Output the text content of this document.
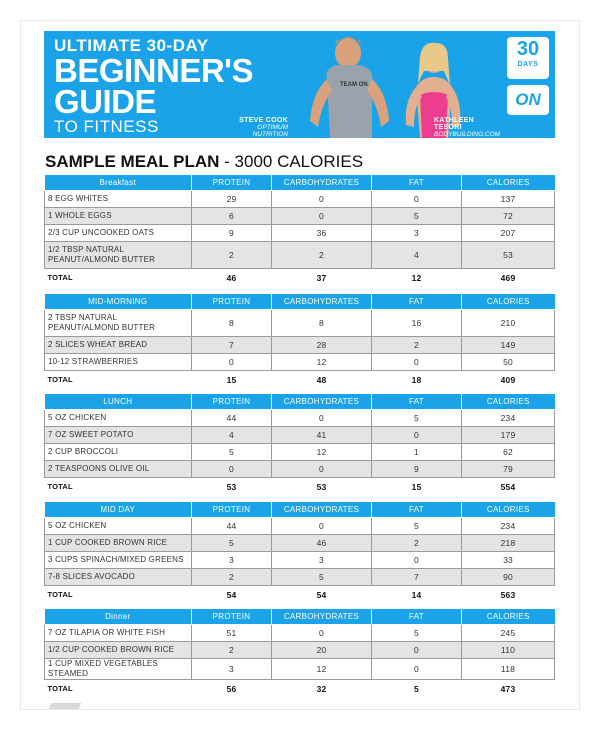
ULTIMATE 30-DAY
BEGINNER'S
GUIDE
TO FITNESS
TEAM ON
STEVE COOK
OPTIMUM NUTRITION
KATHLEEN TESORI
BODYBUILDING.COM
30
DAYS
ON
SAMPLE MEAL PLAN - 3000 CALORIES
Breakfast	PROTEIN	CARBOHYDRATES	FAT	CALORIES
8 EGG WHITES	29	0	0	137
1 WHOLE EGGS	6	0	5	72
2/3 CUP UNCOOKED OATS	9	36	3	207
1/2 TBSP NATURAL PEANUT/ALMOND BUTTER	2	2	4	53
TOTAL	46	37	12	469
MID-MORNING	PROTEIN	CARBOHYDRATES	FAT	CALORIES
2 TBSP NATURAL PEANUT/ALMOND BUTTER	8	8	16	210
2 SLICES WHEAT BREAD	7	28	2	149
10-12 STRAWBERRIES	0	12	0	50
TOTAL	15	48	18	409
LUNCH	PROTEIN	CARBOHYDRATES	FAT	CALORIES
5 OZ CHICKEN	44	0	5	234
7 OZ SWEET POTATO	4	41	0	179
2 CUP BROCCOLI	5	12	1	62
2 TEASPOONS OLIVE OIL	0	0	9	79
TOTAL	53	53	15	554
MID DAY	PROTEIN	CARBOHYDRATES	FAT	CALORIES
5 OZ CHICKEN	44	0	5	234
1 CUP COOKED BROWN RICE	5	46	2	218
3 CUPS SPINACH/MIXED GREENS	3	3	0	33
7-8 SLICES AVOCADO	2	5	7	90
TOTAL	54	54	14	563
Dinner	PROTEIN	CARBOHYDRATES	FAT	CALORIES
7 OZ TILAPIA OR WHITE FISH	51	0	5	245
1/2 CUP COOKED BROWN RICE	2	20	0	110
1 CUP MIXED VEGETABLES STEAMED	3	12	0	118
TOTAL	56	32	5	473
